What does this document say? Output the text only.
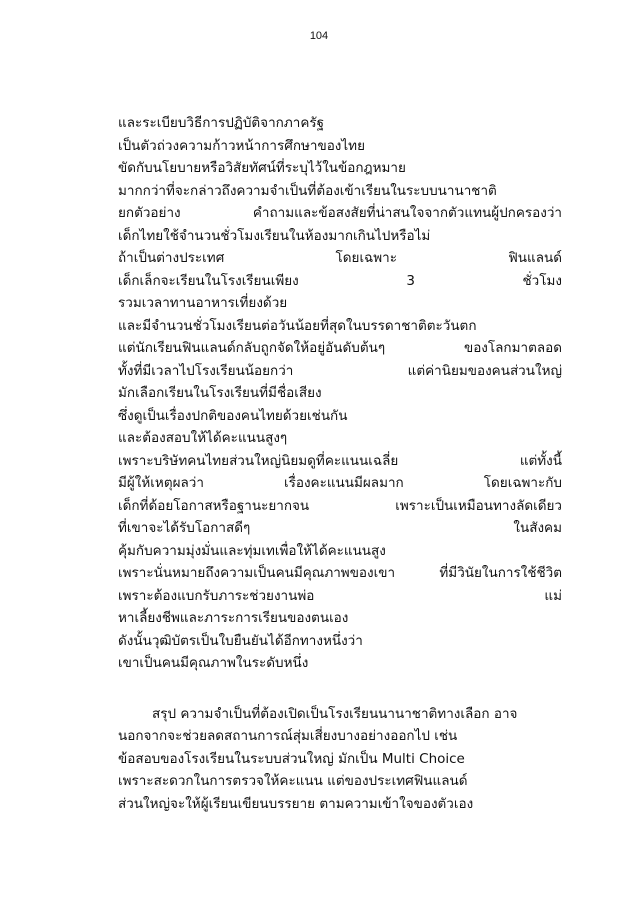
104
และระเบียบวิธีการปฏิบัติจากภาครัฐ
เป็นตัวถ่วงความก้าวหน้าการศึกษาของไทย
ขัดกับนโยบายหรือวิสัยทัศน์ที่ระบุไว้ในข้อกฎหมาย
มากกว่าที่จะกล่าวถึงความจำเป็นที่ต้องเข้าเรียนในระบบนานาชาติ
ยกตัวอย่าง	คำถามและข้อสงสัยที่น่าสนใจจากตัวแทนผู้ปกครองว่า
เด็กไทยใช้จำนวนชั่วโมงเรียนในห้องมากเกินไปหรือไม่
ถ้าเป็นต่างประเทศ	โดยเฉพาะ	ฟินแลนด์
เด็กเล็กจะเรียนในโรงเรียนเพียง	3	ชั่วโมง
รวมเวลาทานอาหารเที่ยงด้วย
และมีจำนวนชั่วโมงเรียนต่อวันน้อยที่สุดในบรรดาชาติตะวันตก
แต่นักเรียนฟินแลนด์กลับถูกจัดให้อยู่อันดับต้นๆ	ของโลกมาตลอด
ทั้งที่มีเวลาไปโรงเรียนน้อยกว่า	แต่ค่านิยมของคนส่วนใหญ่
มักเลือกเรียนในโรงเรียนที่มีชื่อเสียง
ซึ่งดูเป็นเรื่องปกติของคนไทยด้วยเช่นกัน
และต้องสอบให้ได้คะแนนสูงๆ
เพราะบริษัทคนไทยส่วนใหญ่นิยมดูที่คะแนนเฉลี่ย	แต่ทั้งนี้
มีผู้ให้เหตุผลว่า	เรื่องคะแนนมีผลมาก	โดยเฉพาะกับ
เด็กที่ด้อยโอกาสหรือฐานะยากจน	เพราะเป็นเหมือนทางลัดเดียว
ที่เขาจะได้รับโอกาสดีๆ	ในสังคม
คุ้มกับความมุ่งมั่นและทุ่มเทเพื่อให้ได้คะแนนสูง
เพราะนั่นหมายถึงความเป็นคนมีคุณภาพของเขา	ที่มีวินัยในการใช้ชีวิต
เพราะต้องแบกรับภาระช่วยงานพ่อ	แม่
หาเลี้ยงชีพและภาระการเรียนของตนเอง
ดังนั้นวุฒิบัตรเป็นใบยืนยันได้อีกทางหนึ่งว่า
เขาเป็นคนมีคุณภาพในระดับหนึ่ง
สรุป ความจำเป็นที่ต้องเปิดเป็นโรงเรียนนานาชาติทางเลือก อาจ
นอกจากจะช่วยลดสถานการณ์สุ่มเสี่ยงบางอย่างออกไป เช่น
ข้อสอบของโรงเรียนในระบบส่วนใหญ่ มักเป็น Multi Choice
เพราะสะดวกในการตรวจให้คะแนน แต่ของประเทศฟินแลนด์
ส่วนใหญ่จะให้ผู้เรียนเขียนบรรยาย ตามความเข้าใจของตัวเอง
